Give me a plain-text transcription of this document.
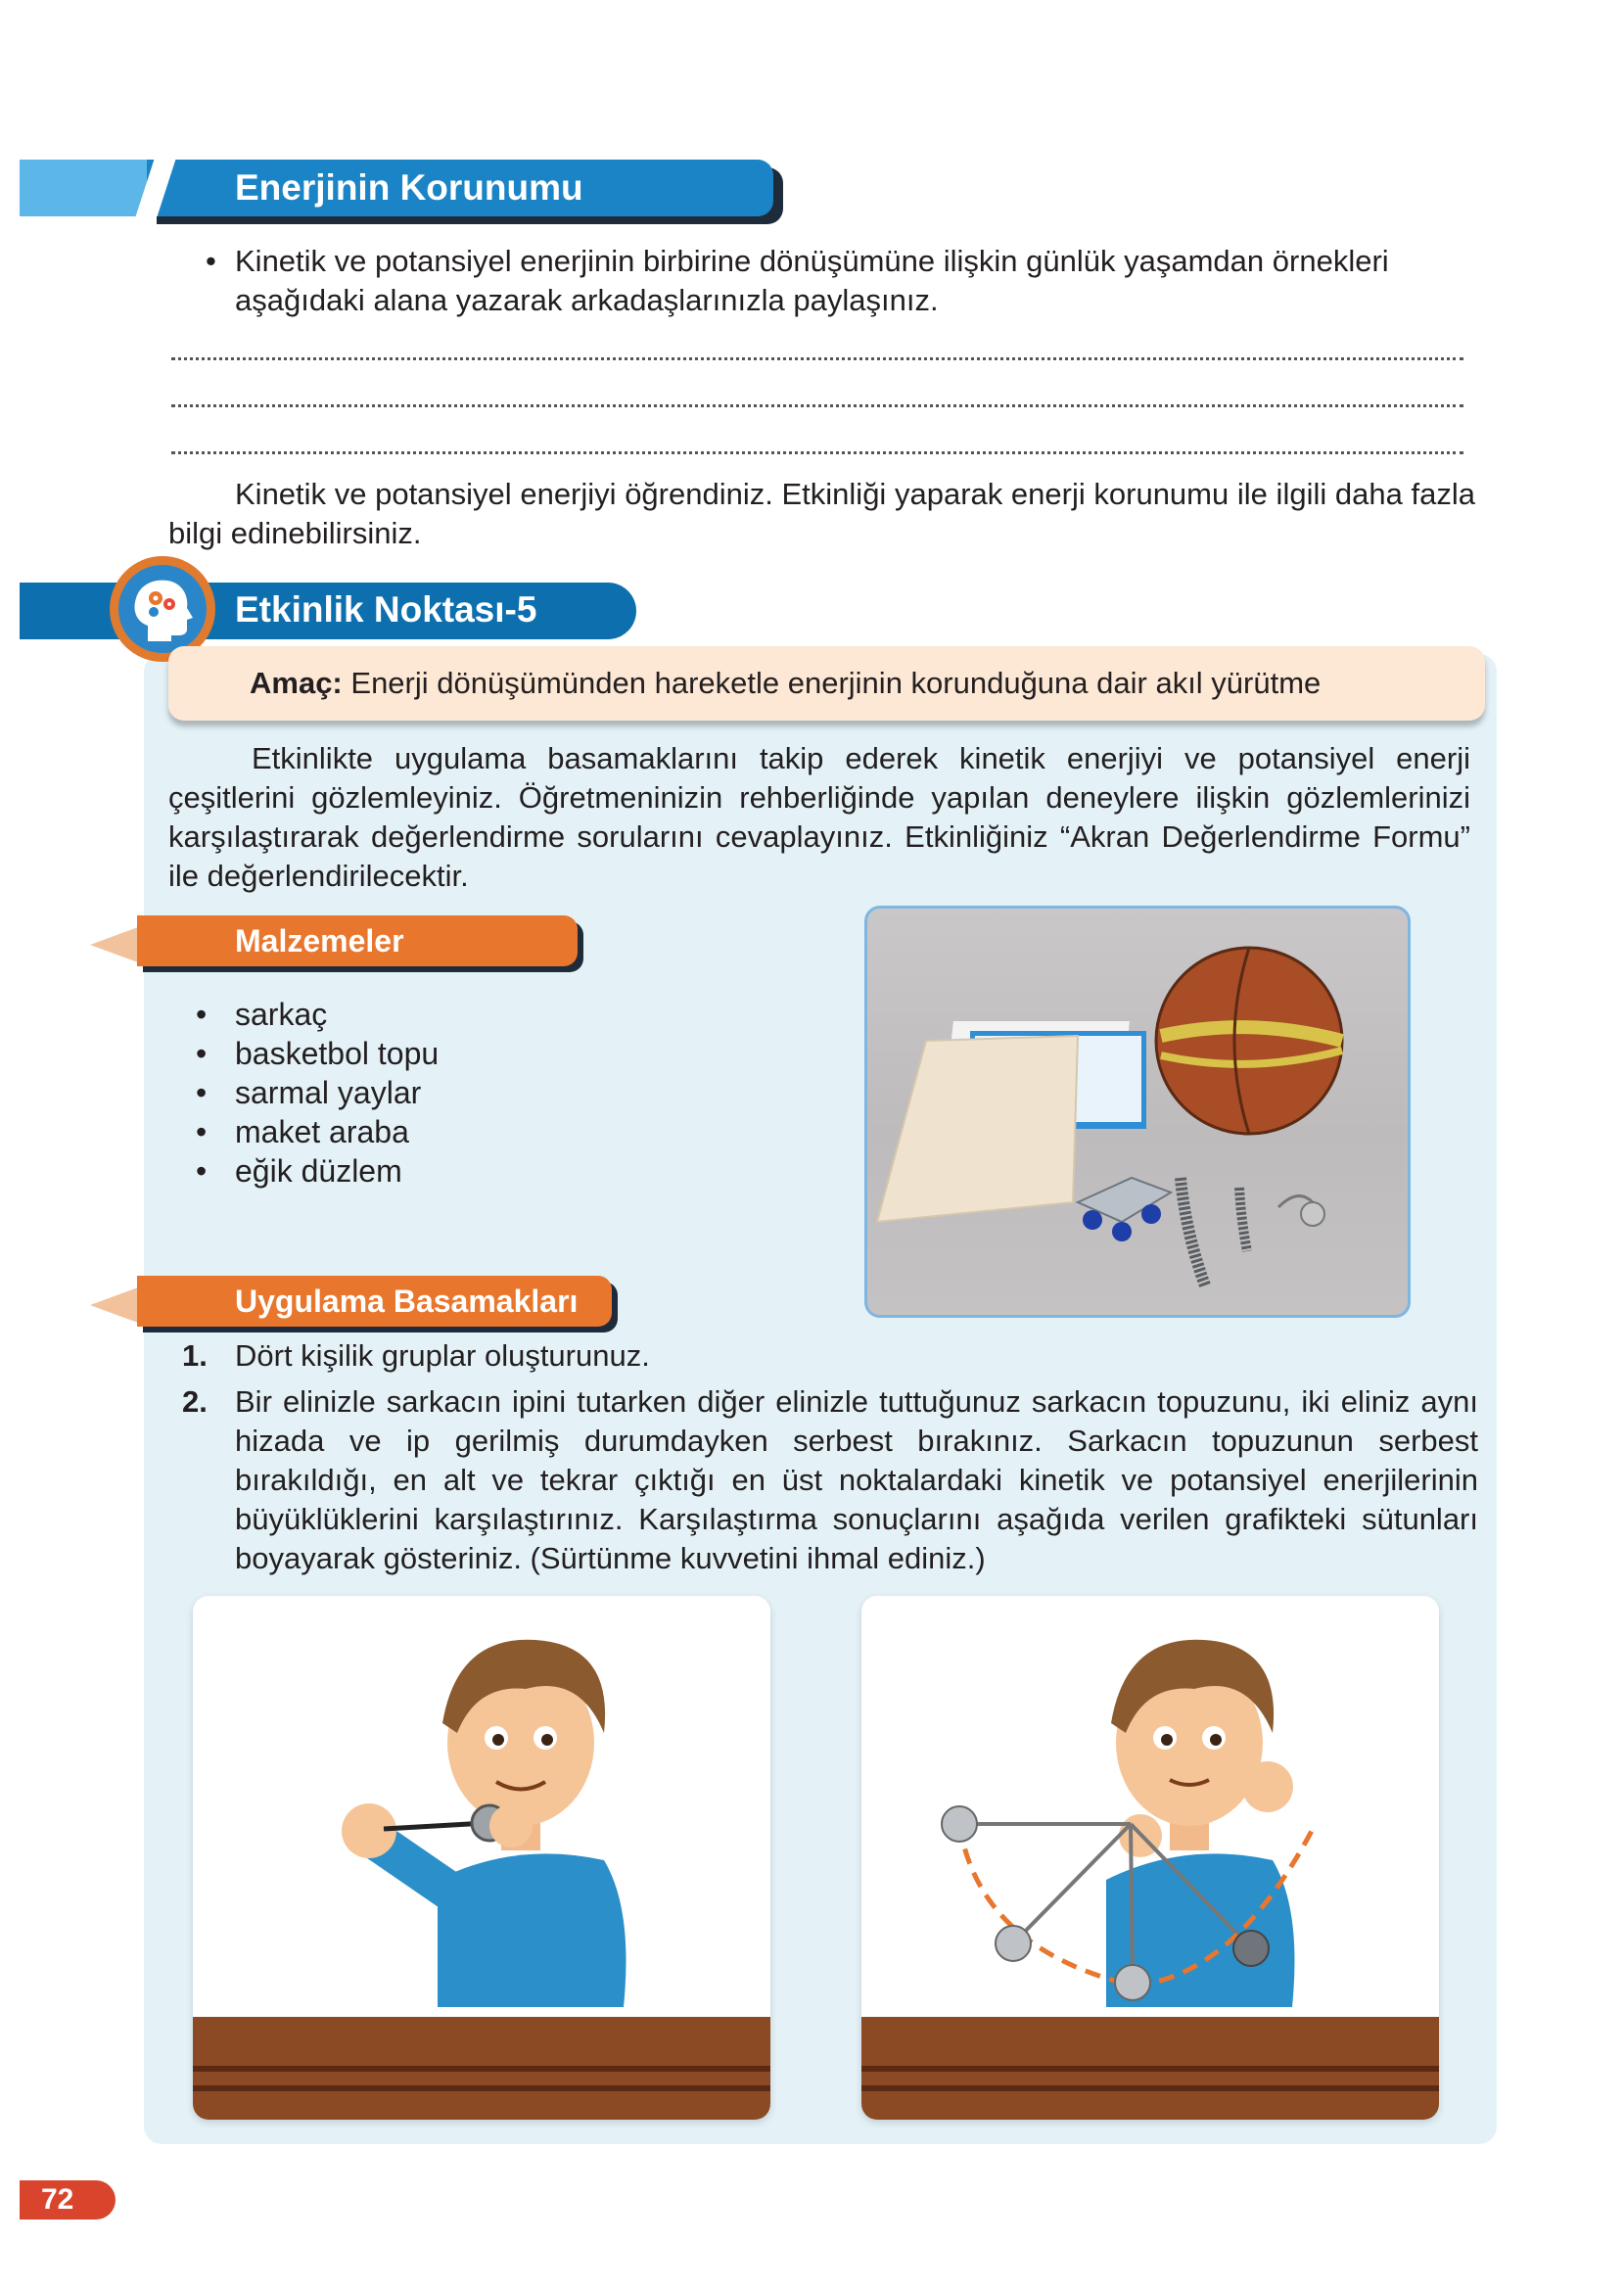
Enerjinin Korunumu
• Kinetik ve potansiyel enerjinin birbirine dönüşümüne ilişkin günlük yaşamdan örnekleri aşağıdaki alana yazarak arkadaşlarınızla paylaşınız.
Kinetik ve potansiyel enerjiyi öğrendiniz. Etkinliği yaparak enerji korunumu ile ilgili daha fazla bilgi edinebilirsiniz.
Etkinlik Noktası-5
Amaç: Enerji dönüşümünden hareketle enerjinin korunduğuna dair akıl yürütme
Etkinlikte uygulama basamaklarını takip ederek kinetik enerjiyi ve potansiyel enerji çeşitlerini gözlemleyiniz. Öğretmeninizin rehberliğinde yapılan deneylere ilişkin gözlemlerinizi karşılaştırarak değerlendirme sorularını cevaplayınız. Etkinliğiniz “Akran Değerlendirme Formu” ile değerlendirilecektir.
Malzemeler
• sarkaç
• basketbol topu
• sarmal yaylar
• maket araba
• eğik düzlem
Uygulama Basamakları
1. Dört kişilik gruplar oluşturunuz.
2. Bir elinizle sarkacın ipini tutarken diğer elinizle tuttuğunuz sarkacın topuzunu, iki eliniz aynı hizada ve ip gerilmiş durumdayken serbest bırakınız. Sarkacın topuzunun serbest bırakıldığı, en alt ve tekrar çıktığı en üst noktalardaki kinetik ve potansiyel enerjilerinin büyüklüklerini karşılaştırınız. Karşılaştırma sonuçlarını aşağıda verilen grafikteki sütunları boyayarak gösteriniz. (Sürtünme kuvvetini ihmal ediniz.)
72
